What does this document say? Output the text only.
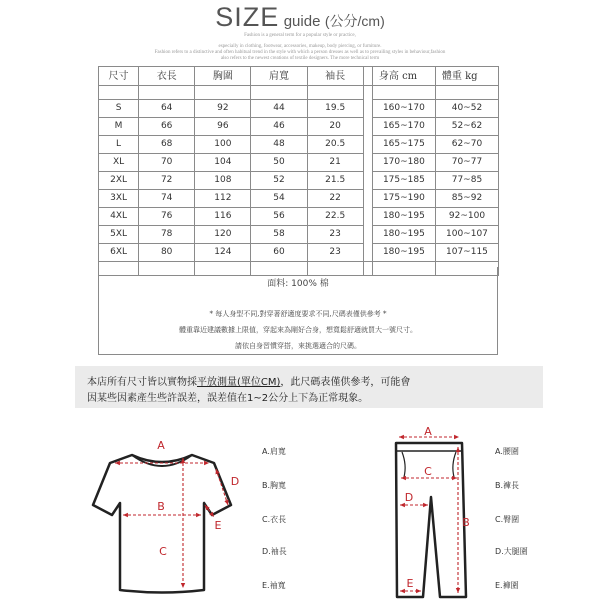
SIZE guide (公分/cm)
Fashion is a general term for a popular style or practice,
especially in clothing, footwear, accessories, makeup, body piercing, or furniture.
Fashion refers to a distinctive and often habitual trend in the style with which a person dresses as well as to prevailing styles in behaviour,fashion
also refers to the newest creations of textile designers. The more technical term
尺寸	衣長	胸圍	肩寬	袖長		身高 cm	體重 kg

S	64	92	44	19.5		160~170	40~52
M	66	96	46	20		165~170	52~62
L	68	100	48	20.5		165~175	62~70
XL	70	104	50	21		170~180	70~77
2XL	72	108	52	21.5		175~185	77~85
3XL	74	112	54	22		175~190	85~92
4XL	76	116	56	22.5		180~195	92~100
5XL	78	120	58	23		180~195	100~107
6XL	80	124	60	23		180~195	107~115

面料: 100% 棉
* 每人身型不同,對穿著舒適度要求不同,尺碼表僅供參考 *
體重靠近建議數據上限值，穿起來為剛好合身，想寬鬆舒適就買大一號尺寸。
請依自身習慣穿搭，來挑選適合的尺碼。
本店所有尺寸皆以實物採平放測量(單位CM)，此尺碼表僅供參考，可能會
因某些因素產生些許誤差，誤差值在1~2公分上下為正常現象。
A
B
C
D
E
A
B
C
D
E
A.肩寬
B.胸寬
C.衣長
D.袖長
E.袖寬
A.腰圍
B.褲長
C.臀圍
D.大腿圍
E.褲圍
